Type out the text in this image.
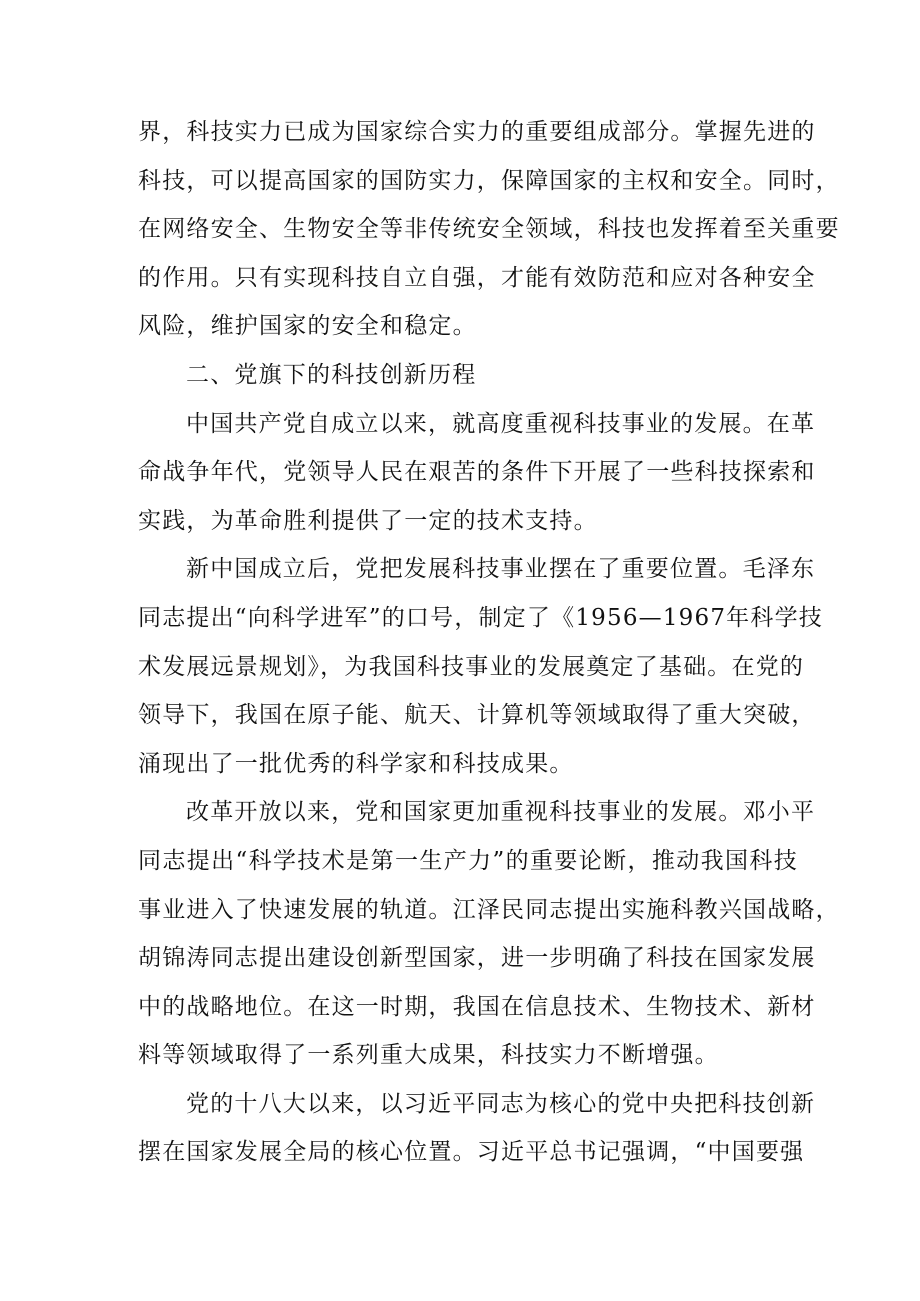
界，科技实力已成为国家综合实力的重要组成部分。掌握先进的
科技，可以提高国家的国防实力，保障国家的主权和安全。同时，
在网络安全、生物安全等非传统安全领域，科技也发挥着至关重要
的作用。只有实现科技自立自强，才能有效防范和应对各种安全
风险，维护国家的安全和稳定。
二、党旗下的科技创新历程
中国共产党自成立以来，就高度重视科技事业的发展。在革
命战争年代，党领导人民在艰苦的条件下开展了一些科技探索和
实践，为革命胜利提供了一定的技术支持。
新中国成立后，党把发展科技事业摆在了重要位置。毛泽东
同志提出“向科学进军”的口号，制定了《1956—1967年科学技
术发展远景规划》，为我国科技事业的发展奠定了基础。在党的
领导下，我国在原子能、航天、计算机等领域取得了重大突破，
涌现出了一批优秀的科学家和科技成果。
改革开放以来，党和国家更加重视科技事业的发展。邓小平
同志提出“科学技术是第一生产力”的重要论断，推动我国科技
事业进入了快速发展的轨道。江泽民同志提出实施科教兴国战略，
胡锦涛同志提出建设创新型国家，进一步明确了科技在国家发展
中的战略地位。在这一时期，我国在信息技术、生物技术、新材
料等领域取得了一系列重大成果，科技实力不断增强。
党的十八大以来，以习近平同志为核心的党中央把科技创新
摆在国家发展全局的核心位置。习近平总书记强调，“中国要强
